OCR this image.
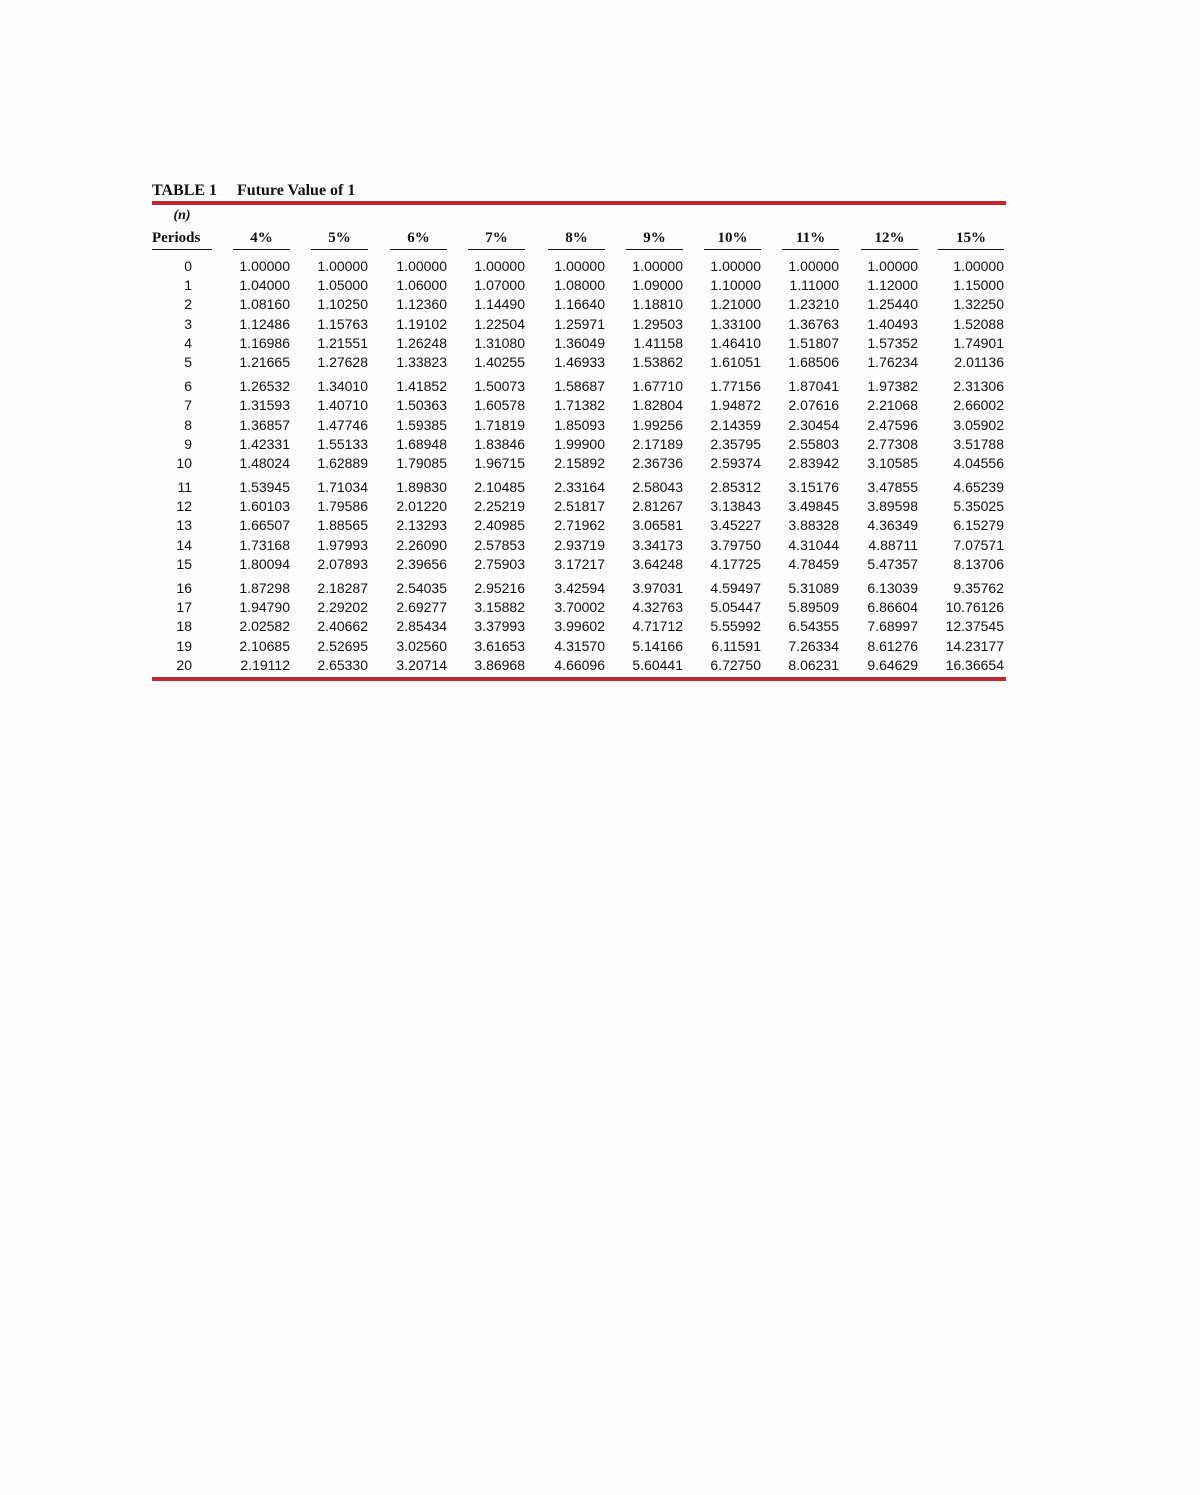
TABLE 1 Future Value of 1
(n)
Periods	4%	5%	6%	7%	8%	9%	10%	11%	12%	15%
0	1.00000	1.00000	1.00000	1.00000	1.00000	1.00000	1.00000	1.00000	1.00000	1.00000
1	1.04000	1.05000	1.06000	1.07000	1.08000	1.09000	1.10000	1.11000	1.12000	1.15000
2	1.08160	1.10250	1.12360	1.14490	1.16640	1.18810	1.21000	1.23210	1.25440	1.32250
3	1.12486	1.15763	1.19102	1.22504	1.25971	1.29503	1.33100	1.36763	1.40493	1.52088
4	1.16986	1.21551	1.26248	1.31080	1.36049	1.41158	1.46410	1.51807	1.57352	1.74901
5	1.21665	1.27628	1.33823	1.40255	1.46933	1.53862	1.61051	1.68506	1.76234	2.01136
6	1.26532	1.34010	1.41852	1.50073	1.58687	1.67710	1.77156	1.87041	1.97382	2.31306
7	1.31593	1.40710	1.50363	1.60578	1.71382	1.82804	1.94872	2.07616	2.21068	2.66002
8	1.36857	1.47746	1.59385	1.71819	1.85093	1.99256	2.14359	2.30454	2.47596	3.05902
9	1.42331	1.55133	1.68948	1.83846	1.99900	2.17189	2.35795	2.55803	2.77308	3.51788
10	1.48024	1.62889	1.79085	1.96715	2.15892	2.36736	2.59374	2.83942	3.10585	4.04556
11	1.53945	1.71034	1.89830	2.10485	2.33164	2.58043	2.85312	3.15176	3.47855	4.65239
12	1.60103	1.79586	2.01220	2.25219	2.51817	2.81267	3.13843	3.49845	3.89598	5.35025
13	1.66507	1.88565	2.13293	2.40985	2.71962	3.06581	3.45227	3.88328	4.36349	6.15279
14	1.73168	1.97993	2.26090	2.57853	2.93719	3.34173	3.79750	4.31044	4.88711	7.07571
15	1.80094	2.07893	2.39656	2.75903	3.17217	3.64248	4.17725	4.78459	5.47357	8.13706
16	1.87298	2.18287	2.54035	2.95216	3.42594	3.97031	4.59497	5.31089	6.13039	9.35762
17	1.94790	2.29202	2.69277	3.15882	3.70002	4.32763	5.05447	5.89509	6.86604	10.76126
18	2.02582	2.40662	2.85434	3.37993	3.99602	4.71712	5.55992	6.54355	7.68997	12.37545
19	2.10685	2.52695	3.02560	3.61653	4.31570	5.14166	6.11591	7.26334	8.61276	14.23177
20	2.19112	2.65330	3.20714	3.86968	4.66096	5.60441	6.72750	8.06231	9.64629	16.36654
